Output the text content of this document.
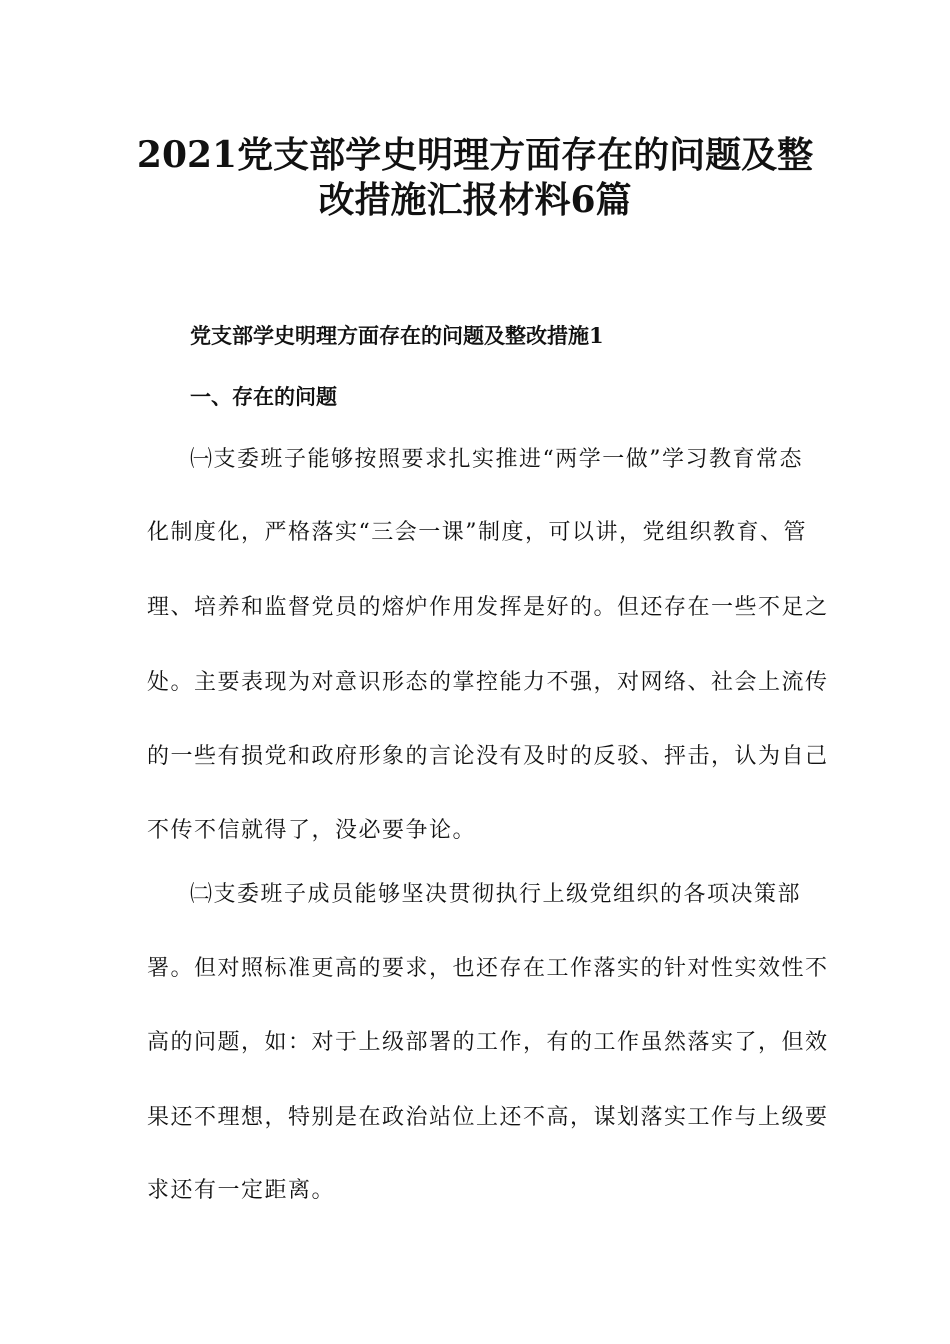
2021党支部学史明理方面存在的问题及整
改措施汇报材料6篇
党支部学史明理方面存在的问题及整改措施1
一、存在的问题

㈠支委班子能够按照要求扎实推进“两学一做”学习教育常态

化制度化，严格落实“三会一课”制度，可以讲，党组织教育、管

理、培养和监督党员的熔炉作用发挥是好的。但还存在一些不足之

处。主要表现为对意识形态的掌控能力不强，对网络、社会上流传

的一些有损党和政府形象的言论没有及时的反驳、抨击，认为自己

不传不信就得了，没必要争论。

㈡支委班子成员能够坚决贯彻执行上级党组织的各项决策部

署。但对照标准更高的要求，也还存在工作落实的针对性实效性不

高的问题，如：对于上级部署的工作，有的工作虽然落实了，但效

果还不理想，特别是在政治站位上还不高，谋划落实工作与上级要

求还有一定距离。
